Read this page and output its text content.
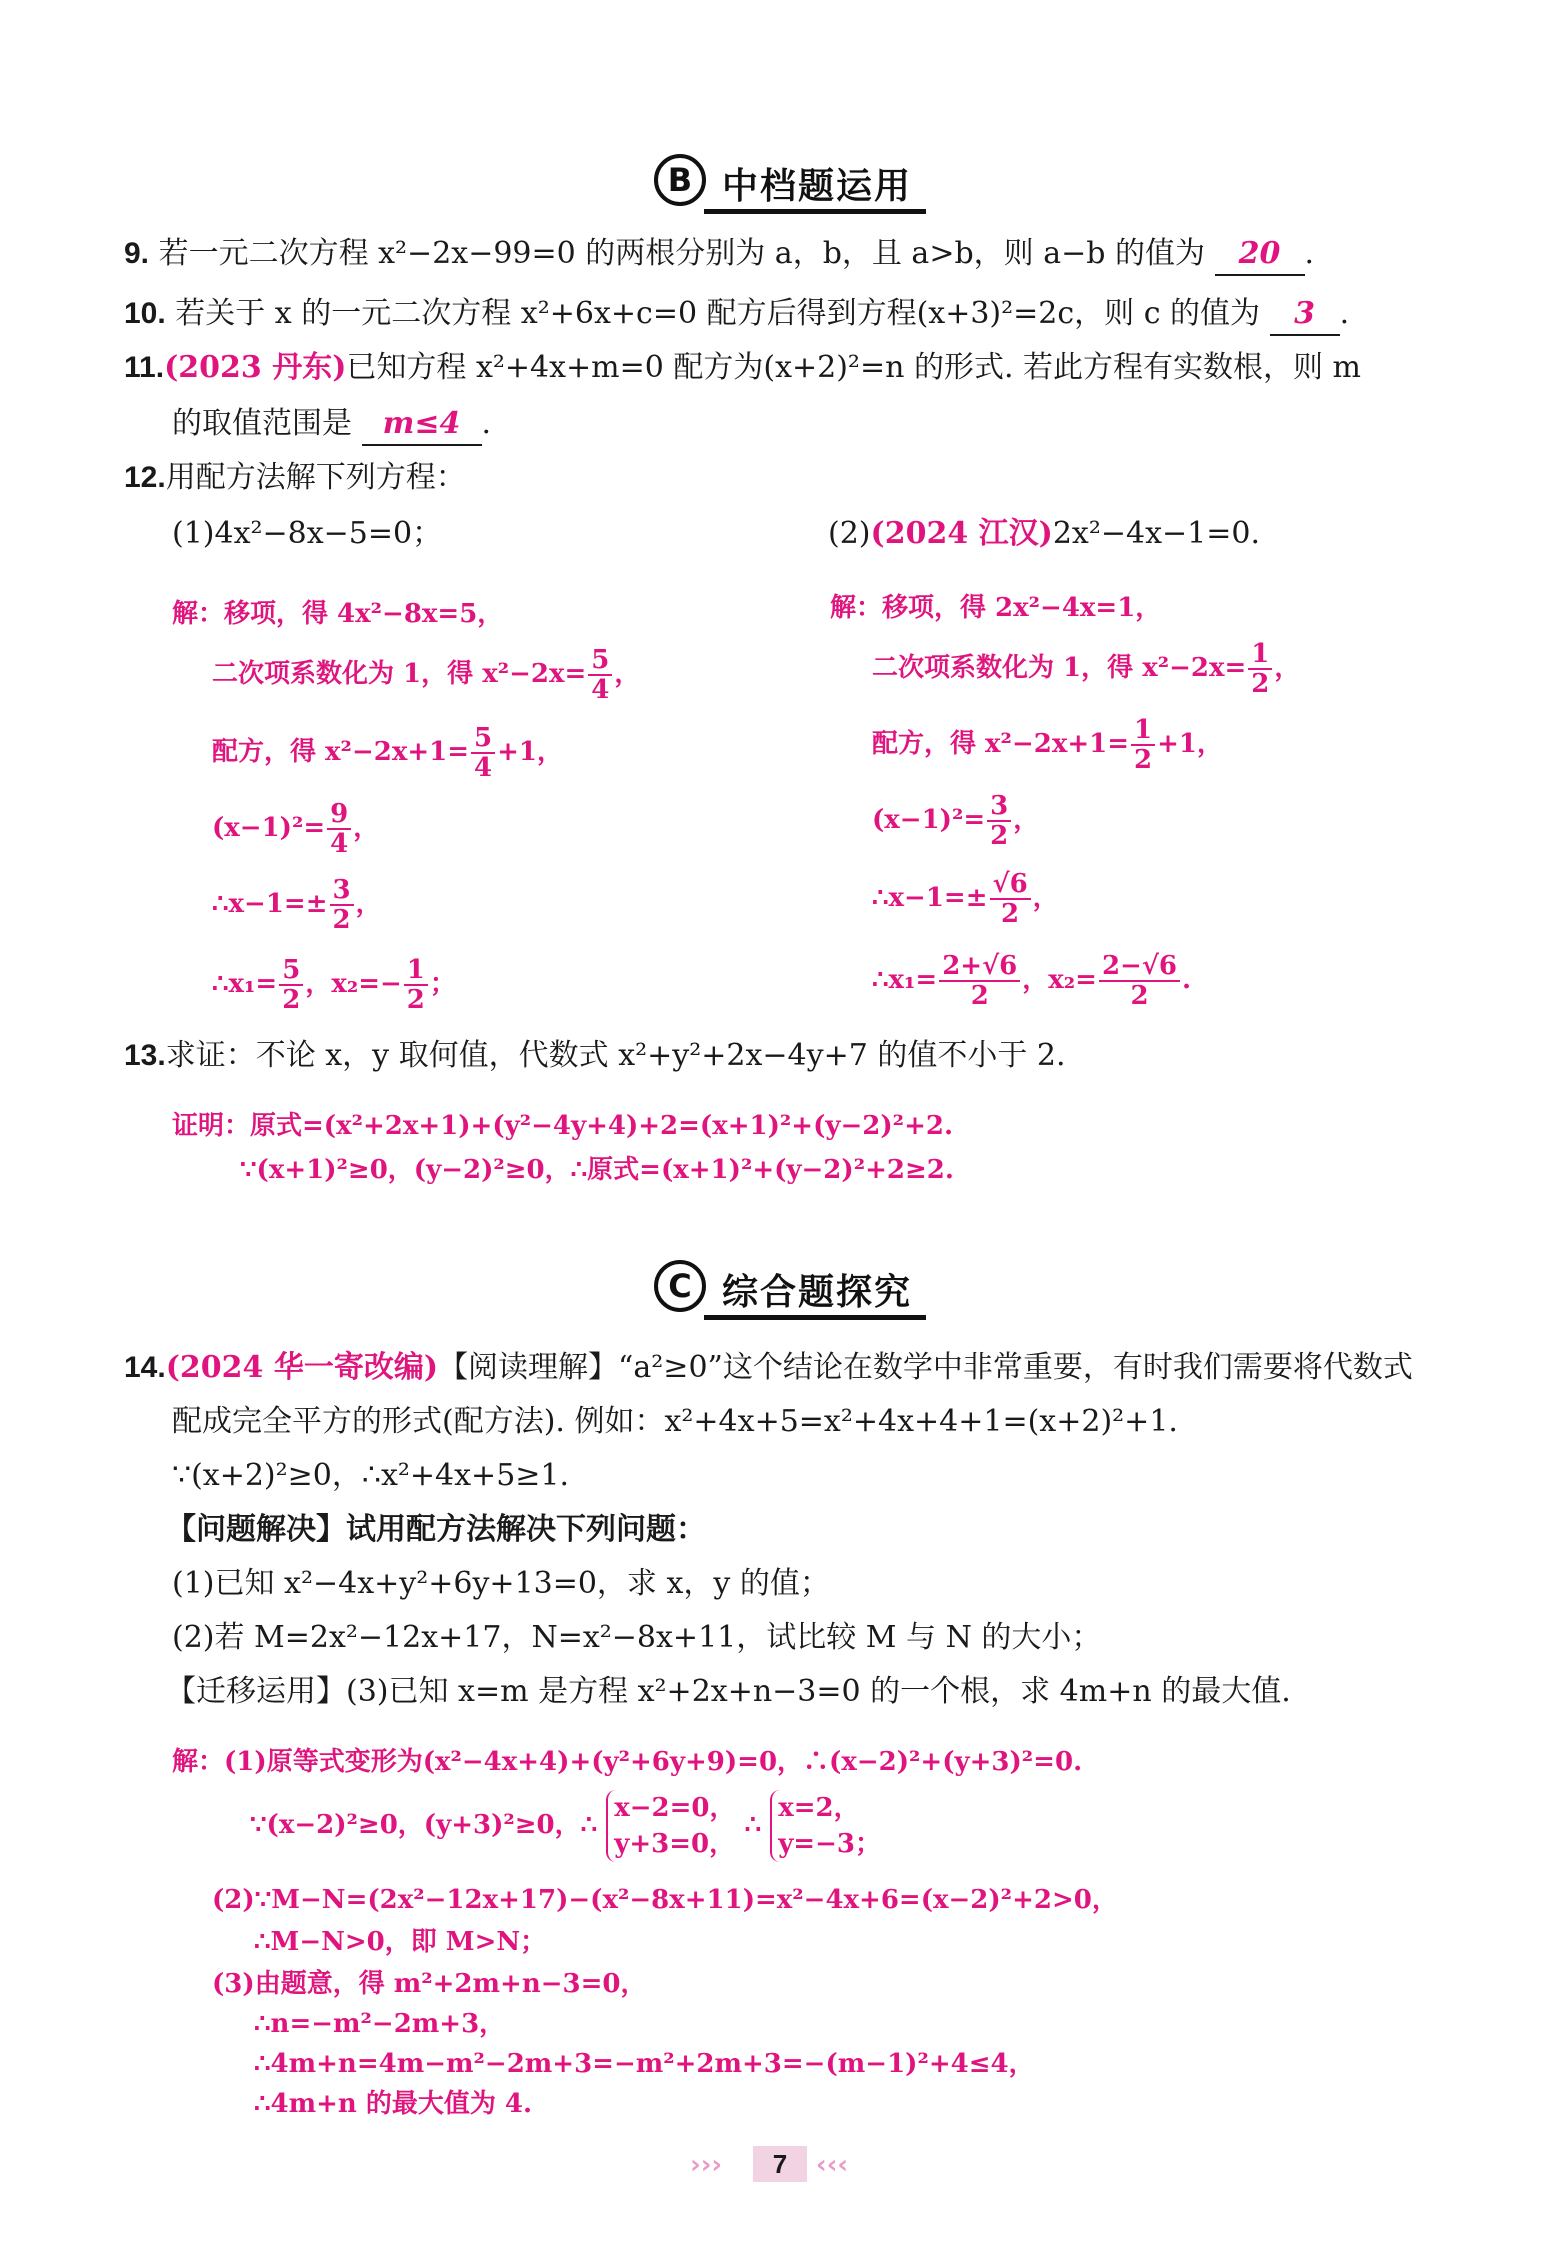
B 中档题运用
9. 若一元二次方程 x²−2x−99=0 的两根分别为 a，b，且 a>b，则 a−b 的值为 20 .
10. 若关于 x 的一元二次方程 x²+6x+c=0 配方后得到方程(x+3)²=2c，则 c 的值为 3 .
11.(2023 丹东)已知方程 x²+4x+m=0 配方为(x+2)²=n 的形式. 若此方程有实数根，则 m
的取值范围是 m≤4 .
12.用配方法解下列方程：
(1)4x²−8x−5=0；	(2)(2024 江汉)2x²−4x−1=0.
解：移项，得 4x²−8x=5，
二次项系数化为 1，得 $x^2-2x= \frac{5}{4}$ ，
配方，得 $x^2-2x+1= \frac{5}{4} +1$，
$(x-1)^2= \frac{9}{4}$ ，
∴x−1=± $\frac{3}{2}$ ，
∴x₁= $\frac{5}{2}$ ，$x_2=- \frac{1}{2}$ ；
解：移项，得 2x²−4x=1，
二次项系数化为 1，得 $x^2-2x= \frac{1}{2}$ ，
配方，得 $x^2-2x+1= \frac{1}{2} +1$，
$(x-1)^2= \frac{3}{2}$ ，
∴x−1=± $\frac{√6}{2}$ ，
∴x₁= $\frac{2+√6}{2}$ ，$x_2= \frac{2-√6}{2}$ .
13.求证：不论 x，y 取何值，代数式 x²+y²+2x−4y+7 的值不小于 2.
证明：原式=(x²+2x+1)+(y²−4y+4)+2=(x+1)²+(y−2)²+2.
∵(x+1)²≥0，(y−2)²≥0，∴原式=(x+1)²+(y−2)²+2≥2.
C 综合题探究
14.(2024 华一寄改编)【阅读理解】“a²≥0”这个结论在数学中非常重要，有时我们需要将代数式
配成完全平方的形式(配方法). 例如：x²+4x+5=x²+4x+4+1=(x+2)²+1.
∵(x+2)²≥0，∴x²+4x+5≥1.
【问题解决】试用配方法解决下列问题：
(1)已知 x²−4x+y²+6y+13=0，求 x，y 的值；
(2)若 M=2x²−12x+17，N=x²−8x+11，试比较 M 与 N 的大小；
【迁移运用】(3)已知 x=m 是方程 x²+2x+n−3=0 的一个根，求 4m+n 的最大值.
解：(1)原等式变形为(x²−4x+4)+(y²+6y+9)=0，∴(x−2)²+(y+3)²=0.
∵(x−2)²≥0，(y+3)²≥0，∴
x−2=0，
y+3=0，
∴
x=2，
y=−3；
(2)∵M−N=(2x²−12x+17)−(x²−8x+11)=x²−4x+6=(x−2)²+2>0，
∴M−N>0，即 M>N；
(3)由题意，得 m²+2m+n−3=0，
∴n=−m²−2m+3，
∴4m+n=4m−m²−2m+3=−m²+2m+3=−(m−1)²+4≤4，
∴4m+n 的最大值为 4.
›››	7	‹‹‹
